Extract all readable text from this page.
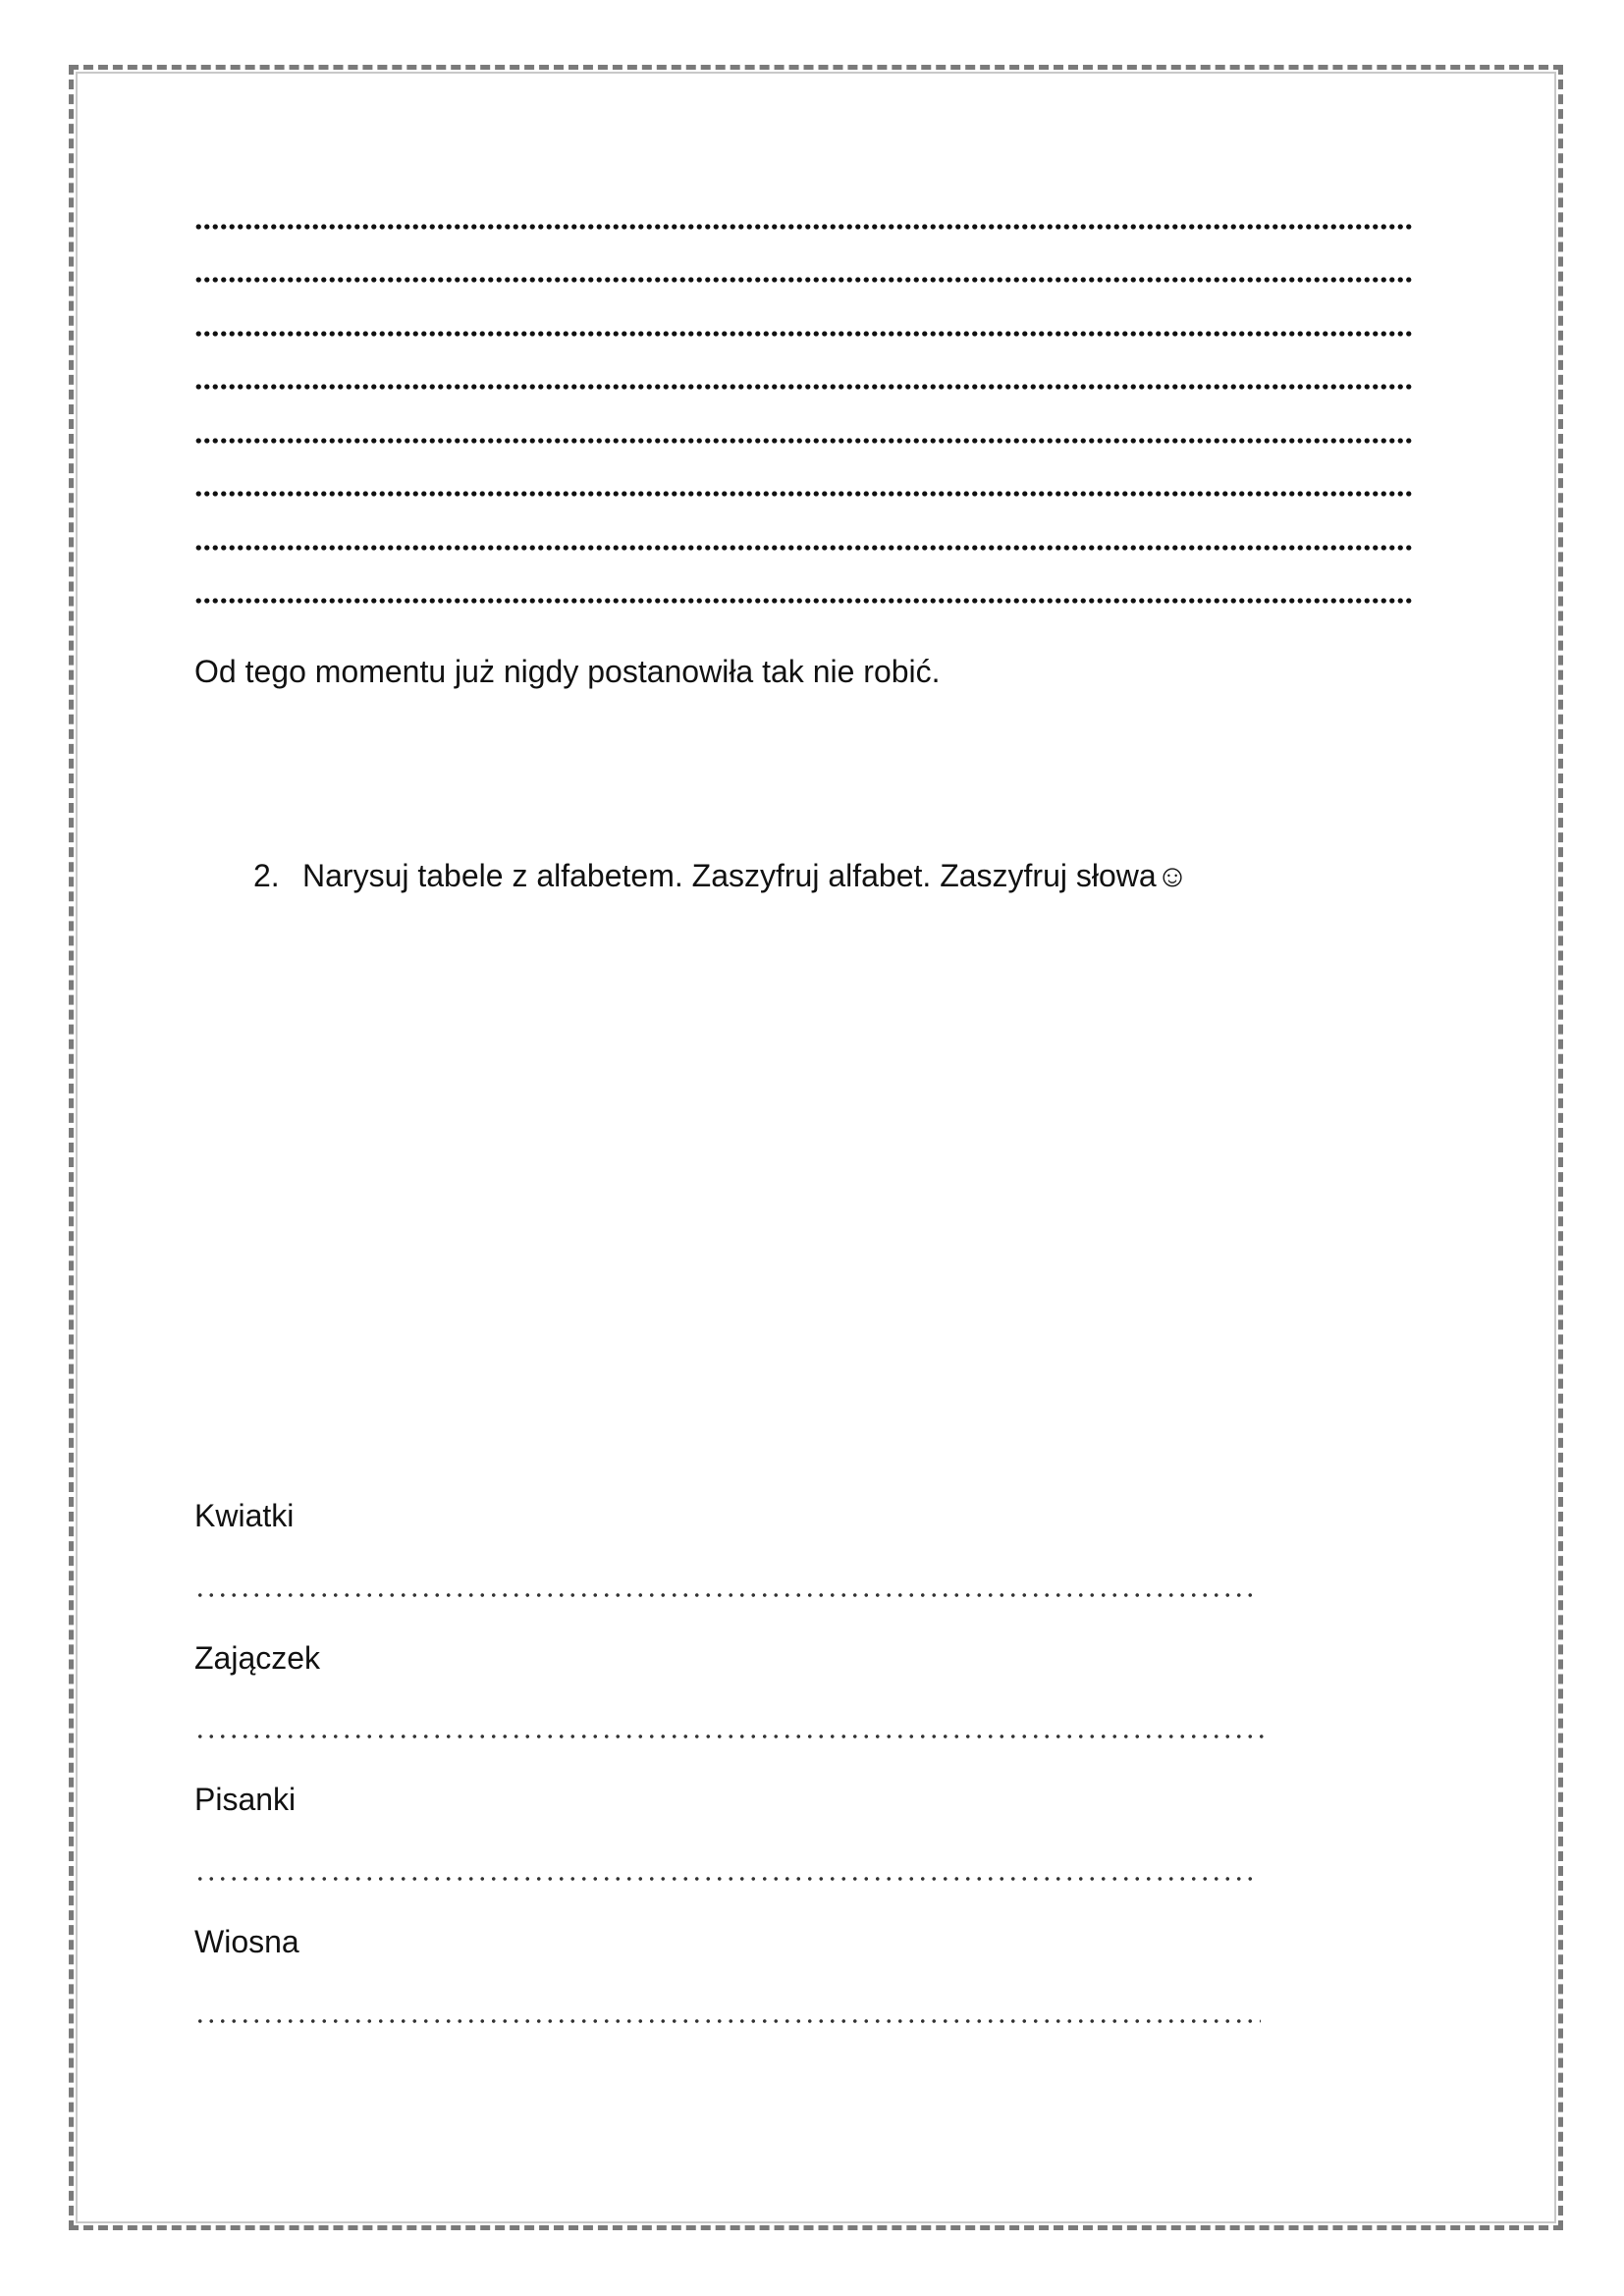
Od tego momentu już nigdy postanowiła tak nie robić.
2. Narysuj tabele z alfabetem. Zaszyfruj alfabet. Zaszyfruj słowa☺
Kwiatki
Zajączek
Pisanki
Wiosna
